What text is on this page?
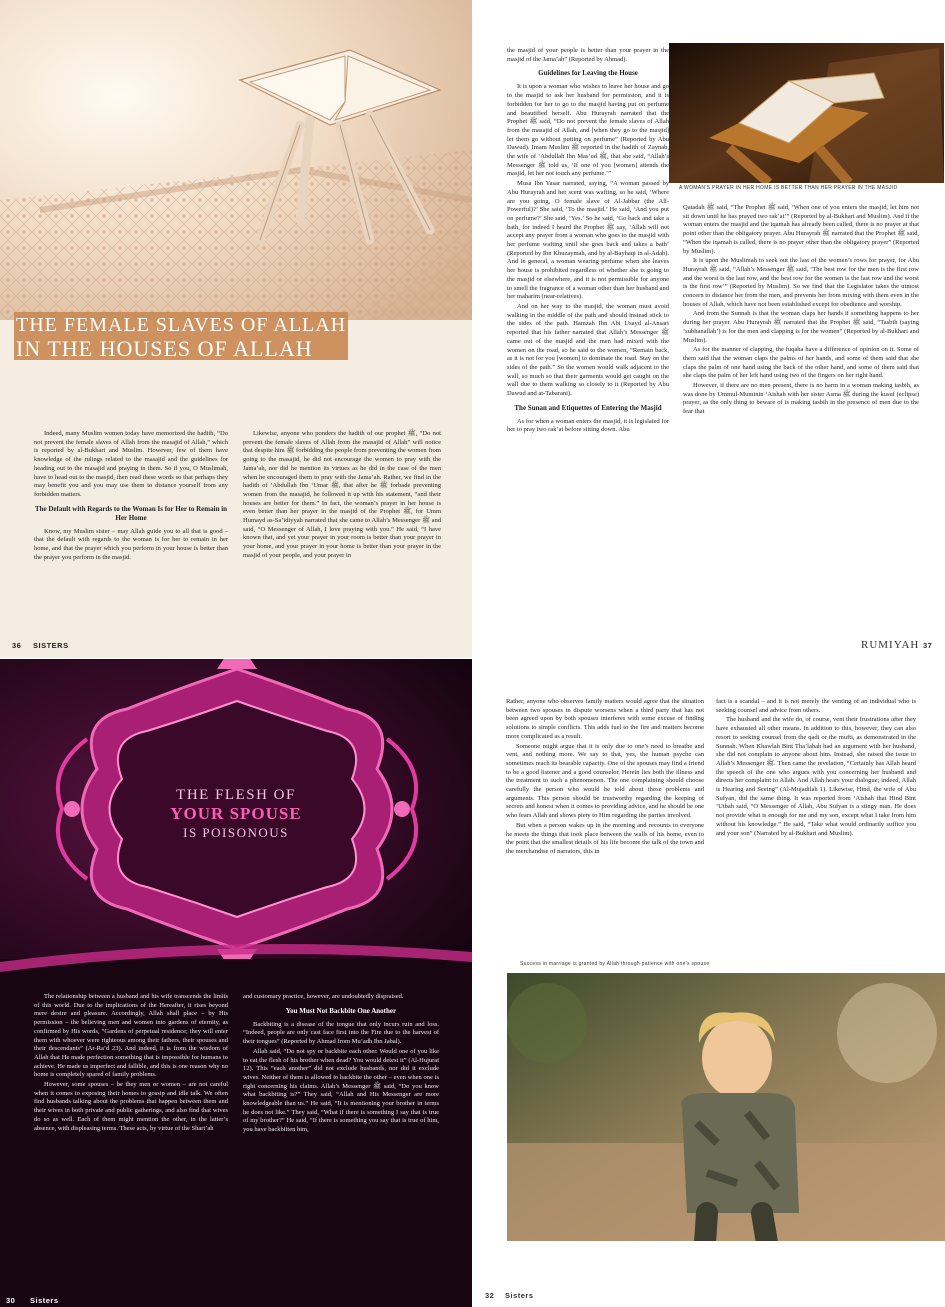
THE FEMALE SLAVES OF ALLAH
IN THE HOUSES OF ALLAH

Indeed, many Muslim women today have memorized the hadith, “Do not prevent the female slaves of Allah from the masajid of Allah,” which is reported by al-Bukhari and Muslim. However, few of them have knowledge of the rulings related to the masajid and the guidelines for heading out to the masajid and praying in them. So if you, O Muslimah, have to head out to the masjid, then read these words so that perhaps they may benefit you and you may use them to distance yourself from any forbidden matters.

The Default with Regards to the Woman Is for Her to Remain in Her Home

Know, my Muslim sister – may Allah guide you to all that is good – that the default with regards to the woman is for her to remain in her home, and that the prayer which you perform in your house is better than the prayer you perform in the masjid.

Likewise, anyone who ponders the hadith of our prophet ﷺ, “Do not prevent the female slaves of Allah from the masajid of Allah” will notice that despite him ﷺ forbidding the people from preventing the women from going to the masajid, he did not encourage the women to pray with the Jama’ah, nor did he mention its virtues as he did in the case of the men when he encouraged them to pray with the Jama’ah. Rather, we find in the hadith of ‘Abdullah Ibn ‘Umar ﷺ, that after he ﷺ forbade preventing women from the masajid, he followed it up with his statement, “and their houses are better for them.” In fact, the woman’s prayer in her house is even better than her prayer in the masjid of the Prophet ﷺ, for Umm Humayd as-Sa’idiyyah narrated that she came to Allah’s Messenger ﷺ and said, “O Messenger of Allah, I love praying with you.” He said, “I have known that, and yet your prayer in your room is better than your prayer in your home, and your prayer in your home is better than your prayer in the masjid of your people, and your prayer in

36 SISTERS

the masjid of your people is better than your prayer in the masjid of the Jama’ah” (Reported by Ahmad).

Guidelines for Leaving the House

It is upon a woman who wishes to leave her house and go to the masjid to ask her husband for permission, and it is forbidden for her to go to the masjid having put on perfume and beautified herself. Abu Hurayrah narrated that the Prophet ﷺ said, “Do not prevent the female slaves of Allah from the masajid of Allah, and [when they go to the masjid] let them go without putting on perfume” (Reported by Abu Dawud). Imam Muslim ﷺ reported in the hadith of Zaynab, the wife of ‘Abdullah Ibn Mas’ud ﷺ, that she said, “Allah’s Messenger ﷺ told us, ‘If one of you [women] attends the masjid, let her not touch any perfume.’”

Musa Ibn Yasar narrated, saying, “A woman passed by Abu Hurayrah and her scent was wafting, so he said, ‘Where are you going, O female slave of Al-Jabbar (the All-Powerful)?’ She said, ‘To the masjid.’ He said, ‘And you put on perfume?’ She said, ‘Yes.’ So he said, ‘Go back and take a bath, for indeed I heard the Prophet ﷺ say, ‘Allah will not accept any prayer from a woman who goes to the masjid with her perfume wafting until she goes back and takes a bath’ (Reported by Ibn Khuzaymah, and by al-Bayhaqi in al-Adab). And in general, a woman wearing perfume when she leaves her house is prohibited regardless of whether she is going to the masjid or elsewhere, and it is not permissible for anyone to smell the fragrance of a woman other than her husband and her maharim (near-relatives).

And on her way to the masjid, the woman must avoid walking in the middle of the path and should instead stick to the sides of the path. Hamzah Ibn Abi Usayd al-Ansari reported that his father narrated that Allah’s Messenger ﷺ came out of the masjid and the men had mixed with the women on the road, so he said to the women, “Remain back, as it is not for you [women] to dominate the road. Stay on the sides of the path.” So the women would walk adjacent to the wall, so much so that their garments would get caught on the wall due to them walking so closely to it (Reported by Abu Dawud and at-Tabarani).

The Sunan and Etiquettes of Entering the Masjid

As for when a woman enters the masjid, it is legislated for her to pray two rak’at before sitting down. Abu

A WOMAN’S PRAYER IN HER HOME IS BETTER THAN HER PRAYER IN THE MASJID

Qatadah ﷺ said, “The Prophet ﷺ said, ‘When one of you enters the masjid, let him not sit down until he has prayed two rak’at’” (Reported by al-Bukhari and Muslim). And if the woman enters the masjid and the iqamah has already been called, there is no prayer at that point other than the obligatory prayer. Abu Hurayrah ﷺ narrated that the Prophet ﷺ said, “When the iqamah is called, there is no prayer other than the obligatory prayer” (Reported by Muslim).

It is upon the Muslimah to seek out the last of the women’s rows for prayer, for Abu Hurayrah ﷺ said, “Allah’s Messenger ﷺ said, ‘The best row for the men is the first row and the worst is the last row, and the best row for the women is the last row and the worst is the first row’” (Reported by Muslim). So we find that the Legislator takes the utmost concern to distance her from the men, and prevents her from mixing with them even in the houses of Allah, which have not been established except for obedience and worship.

And from the Sunnah is that the woman claps her hands if something happens to her during her prayer. Abu Hurayrah ﷺ narrated that the Prophet ﷺ said, “Tasbih (saying ‘subhanallah’) is for the men and clapping is for the women” (Reported by al-Bukhari and Muslim).

As for the manner of clapping, the fuqaha have a difference of opinion on it. Some of them said that the woman claps the palms of her hands, and some of them said that she claps the palm of one hand using the back of the other hand, and some of them said that she claps the palm of her left hand using two of the fingers on her right hand.

However, if there are no men present, there is no harm in a woman making tasbih, as was done by Ummul-Muminin ‘Aishah with her sister Asma ﷺ during the kusuf (eclipse) prayer, as the only thing to beware of is making tasbih in the presence of men due to the fear that

RUMIYAH 37
THE FLESH OF
YOUR SPOUSE
IS POISONOUS

The relationship between a husband and his wife transcends the limits of this world. Due to the implications of the Hereafter, it rises beyond mere desire and pleasure. Accordingly, Allah shall place – by His permission – the believing men and women into gardens of eternity, as confirmed by His words, “Gardens of perpetual residence; they will enter them with whoever were righteous among their fathers, their spouses and their descendants” (Ar-Ra’d 23). And indeed, it is from the wisdom of Allah that He made perfection something that is impossible for humans to achieve. He made us imperfect and fallible, and this is one reason why no home is completely spared of family problems.

However, some spouses – be they men or women – are not careful when it comes to exposing their homes to gossip and idle talk. We often find husbands talking about the problems that happen between them and their wives in both private and public gatherings, and also find that wives do so as well. Each of them might mention the other, in the latter’s absence, with displeasing terms. These acts, by virtue of the Shari’ah

and customary practice, however, are undoubtedly dispraised.

You Must Not Backbite One Another

Backbiting is a disease of the tongue that only incurs ruin and loss. “Indeed, people are only cast face first into the Fire due to the harvest of their tongues” (Reported by Ahmad from Mu’adh Ibn Jabal).

Allah said, “Do not spy or backbite each other. Would one of you like to eat the flesh of his brother when dead? You would detest it” (Al-Hujurat 12). This “each another” did not exclude husbands, nor did it exclude wives. Neither of them is allowed to backbite the other – even when one is right concerning his claims. Allah’s Messenger ﷺ said, “Do you know what backbiting is?” They said, “Allah and His Messenger are more knowledgeable than us.” He said, “It is mentioning your brother in terms he does not like.” They said, “What if there is something I say that is true of my brother?” He said, “If there is something you say that is true of him, you have backbitten him,

30 Sisters

Rather, anyone who observes family matters would agree that the situation between two spouses in dispute worsens when a third party that has not been agreed upon by both spouses interferes with some excuse of finding solutions to simple conflicts. This adds fuel to the fire and matters become more complicated as a result.

Someone might argue that it is only due to one’s need to breathe and vent, and nothing more. We say to that, yes, the human psyche can sometimes reach its bearable capacity. One of the spouses may find a friend to be a good listener and a good counselor. Herein lies both the illness and the treatment to such a phenomenon. The one complaining should choose carefully the person who would be told about those problems and arguments. This person should be trustworthy regarding the keeping of secrets and honest when it comes to providing advice, and he should be one who fears Allah and shows piety to Him regarding the parties involved.

But when a person wakes up in the morning and recounts to everyone he meets the things that took place between the walls of his home, even to the point that the smallest details of his life become the talk of the town and the merchandise of narrators, this in

fact is a scandal – and it is not merely the venting of an individual who is seeking counsel and advice from others.

The husband and the wife do, of course, vent their frustrations after they have exhausted all other means. In addition to this, however, they can also resort to seeking counsel from the qadi or the mufti, as demonstrated in the Sunnah. When Khawlah Bint Tha’labah had an argument with her husband, she did not complain to anyone about him. Instead, she raised the issue to Allah’s Messenger ﷺ. Then came the revelation, “Certainly has Allah heard the speech of the one who argues with you concerning her husband and directs her complaint to Allah. And Allah hears your dialogue; indeed, Allah is Hearing and Seeing” (Al-Mujadilah 1). Likewise, Hind, the wife of Abu Sufyan, did the same thing. It was reported from ‘Aishah that Hind Bint ‘Utbah said, “O Messenger of Allah, Abu Sufyan is a stingy man. He does not provide what is enough for me and my son, except what I take from him without his knowledge.” He said, “Take what would ordinarily suffice you and your son” (Narrated by al-Bukhari and Muslim).

Success in marriage is granted by Allah through patience with one’s spouse
32 Sisters
